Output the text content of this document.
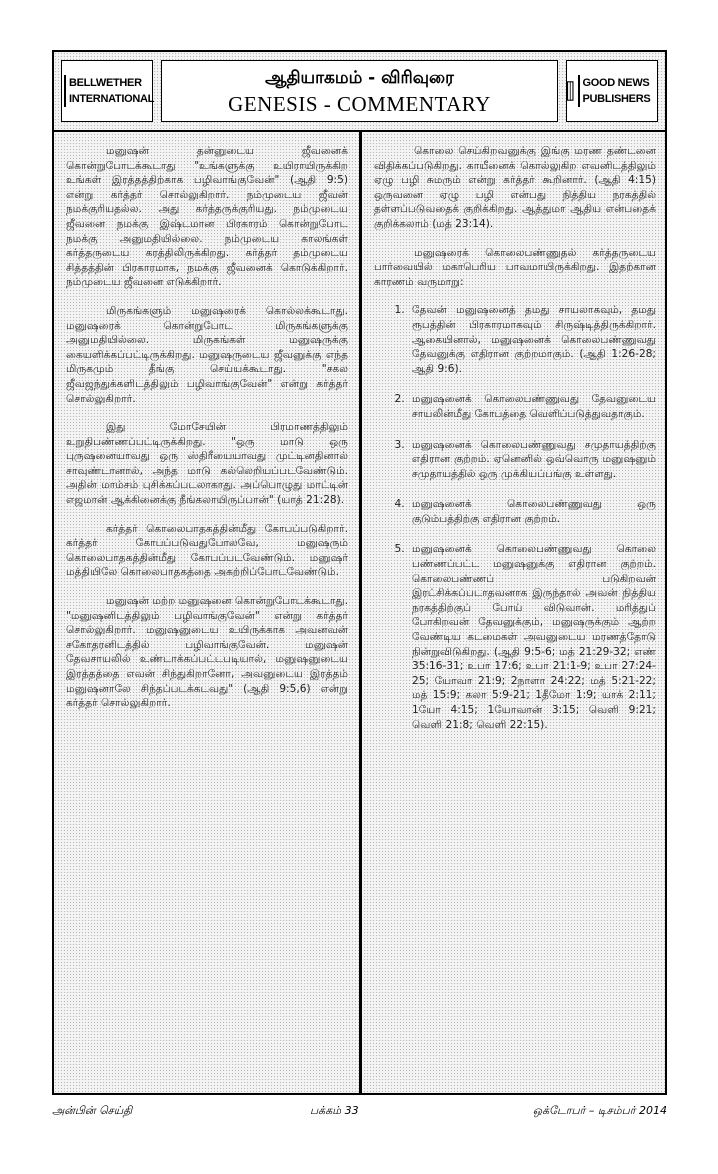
BELLWETHER INTERNATIONAL
ஆதியாகமம் - விரிவுரை
GENESIS - COMMENTARY
GOOD NEWS PUBLISHERS

மனுஷன் தன்னுடைய ஜீவனைக் கொன்றுபோடக்கூடாது "உங்களுக்கு உயிராயிருக்கிற உங்கள் இரத்தத்திற்காக பழிவாங்குவேன்" (ஆதி 9:5) என்று கர்த்தர் சொல்லுகிறார். நம்முடைய ஜீவன் நமக்குரியதல்ல. அது கர்த்தருக்குரியது. நம்முடைய ஜீவனை நமக்கு இஷ்டமான பிரகாரம் கொன்றுபோட நமக்கு அனுமதியில்லை. நம்முடைய காலங்கள் கர்த்தருடைய கரத்திலிருக்கிறது. கர்த்தர் தம்முடைய சித்தத்தின் பிரகாரமாக, நமக்கு ஜீவனைக் கொடுக்கிறார். நம்முடைய ஜீவனை எடுக்கிறார்.

மிருகங்களும் மனுஷரைக் கொல்லக்கூடாது. மனுஷரைக் கொன்றுபோட மிருகங்களுக்கு அனுமதியில்லை. மிருகங்கள் மனுஷருக்கு கையளிக்கப்பட்டிருக்கிறது. மனுஷருடைய ஜீவனுக்கு எந்த மிருகமும் தீங்கு செய்யக்கூடாது. "சகல ஜீவஜந்துக்களிடத்திலும் பழிவாங்குவேன்" என்று கர்த்தர் சொல்லுகிறார்.

இது மோசேயின் பிரமாணத்திலும் உறுதிபண்ணப்பட்டிருக்கிறது. "ஒரு மாடு ஒரு புருஷனையாவது ஒரு ஸ்திரீயையாவது முட்டினதினால் சாவுண்டானால், அந்த மாடு கல்லெறியப்படவேண்டும். அதின் மாம்சம் புசிக்கப்படலாகாது. அப்பொழுது மாட்டின் எஜமான் ஆக்கினைக்கு நீங்கலாயிருப்பான்" (யாத் 21:28).

கர்த்தர் கொலைபாதகத்தின்மீது கோபப்படுகிறார். கர்த்தர் கோபப்படுவதுபோலவே, மனுஷரும் கொலைபாதகத்தின்மீது கோபப்படவேண்டும். மனுஷர் மத்தியிலே கொலைபாதகத்தை அகற்றிப்போடவேண்டும்.

மனுஷன் மற்ற மனுஷனை கொன்றுபோடக்கூடாது. "மனுஷனிடத்திலும் பழிவாங்குவேன்" என்று கர்த்தர் சொல்லுகிறார். மனுஷனுடைய உயிருக்காக அவனவன் சகோதரனிடத்தில் பழிவாங்குவேன். மனுஷன் தேவசாயலில் உண்டாக்கப்பட்டபடியால், மனுஷனுடைய இரத்தத்தை எவன் சிந்துகிறானோ, அவனுடைய இரத்தம் மனுஷனாலே சிந்தப்படக்கடவது" (ஆதி 9:5,6) என்று கர்த்தர் சொல்லுகிறார்.

கொலை செய்கிறவனுக்கு இங்கு மரண தண்டனை விதிக்கப்படுகிறது. காயீனைக் கொல்லுகிற எவனிடத்திலும் ஏழு பழி சுமரும் என்று கர்த்தர் கூறினார். (ஆதி 4:15) ஒருவனை ஏழு பழி என்பது நித்திய நரகத்தில் தள்ளப்படுவதைக் குறிக்கிறது. ஆத்துமா ஆதிய என்பதைக் குறிக்கலாம் (மத் 23:14).

மனுஷரைக் கொலைபண்ணுதல் கர்த்தருடைய பார்வையில் மகாபெரிய பாவமாயிருக்கிறது. இதற்கான காரணம் வருமாறு:

1. தேவன் மனுஷனைத் தமது சாயலாகவும், தமது ரூபத்தின் பிரகாரமாகவும் சிருஷ்டித்திருக்கிறார். ஆகையினால், மனுஷனைக் கொலைபண்ணுவது தேவனுக்கு எதிரான குற்றமாகும். (ஆதி 1:26-28; ஆதி 9:6).
2. மனுஷனைக் கொலைபண்ணுவது தேவனுடைய சாயலின்மீது கோபத்தை வெளிப்படுத்துவதாகும்.
3. மனுஷனைக் கொலைபண்ணுவது சமுதாயத்திற்கு எதிரான குற்றம். ஏனெனில் ஒவ்வொரு மனுஷனும் சமுதாயத்தில் ஒரு முக்கியப்பங்கு உள்ளது.
4. மனுஷனைக் கொலைபண்ணுவது ஒரு குடும்பத்திற்கு எதிரான குற்றம்.
5. மனுஷனைக் கொலைபண்ணுவது கொலை பண்ணப்பட்ட மனுஷனுக்கு எதிரான குற்றம். கொலைபண்ணப் படுகிறவன் இரட்சிக்கப்படாதவனாக இருந்தால் அவன் நித்திய நரகத்திற்குப் போய் விடுவான். மரித்துப் போகிறவன் தேவனுக்கும், மனுஷருக்கும் ஆற்ற வேண்டிய கடமைகள் அவனுடைய மரணத்தோடு நின்றுவிடுகிறது. (ஆதி 9:5-6; மத் 21:29-32; எண் 35:16-31; உபா 17:6; உபா 21:1-9; உபா 27:24-25; யோவா 21:9; 2நாளா 24:22; மத் 5:21-22; மத் 15:9; கலா 5:9-21; 1தீமோ 1:9; யாக் 2:11; 1யோ 4:15; 1யோவான் 3:15; வெளி 9:21; வெளி 21:8; வெளி 22:15).
அன்பின் செய்தி	பக்கம் 33	ஒக்டோபர் – டிசம்பர் 2014
